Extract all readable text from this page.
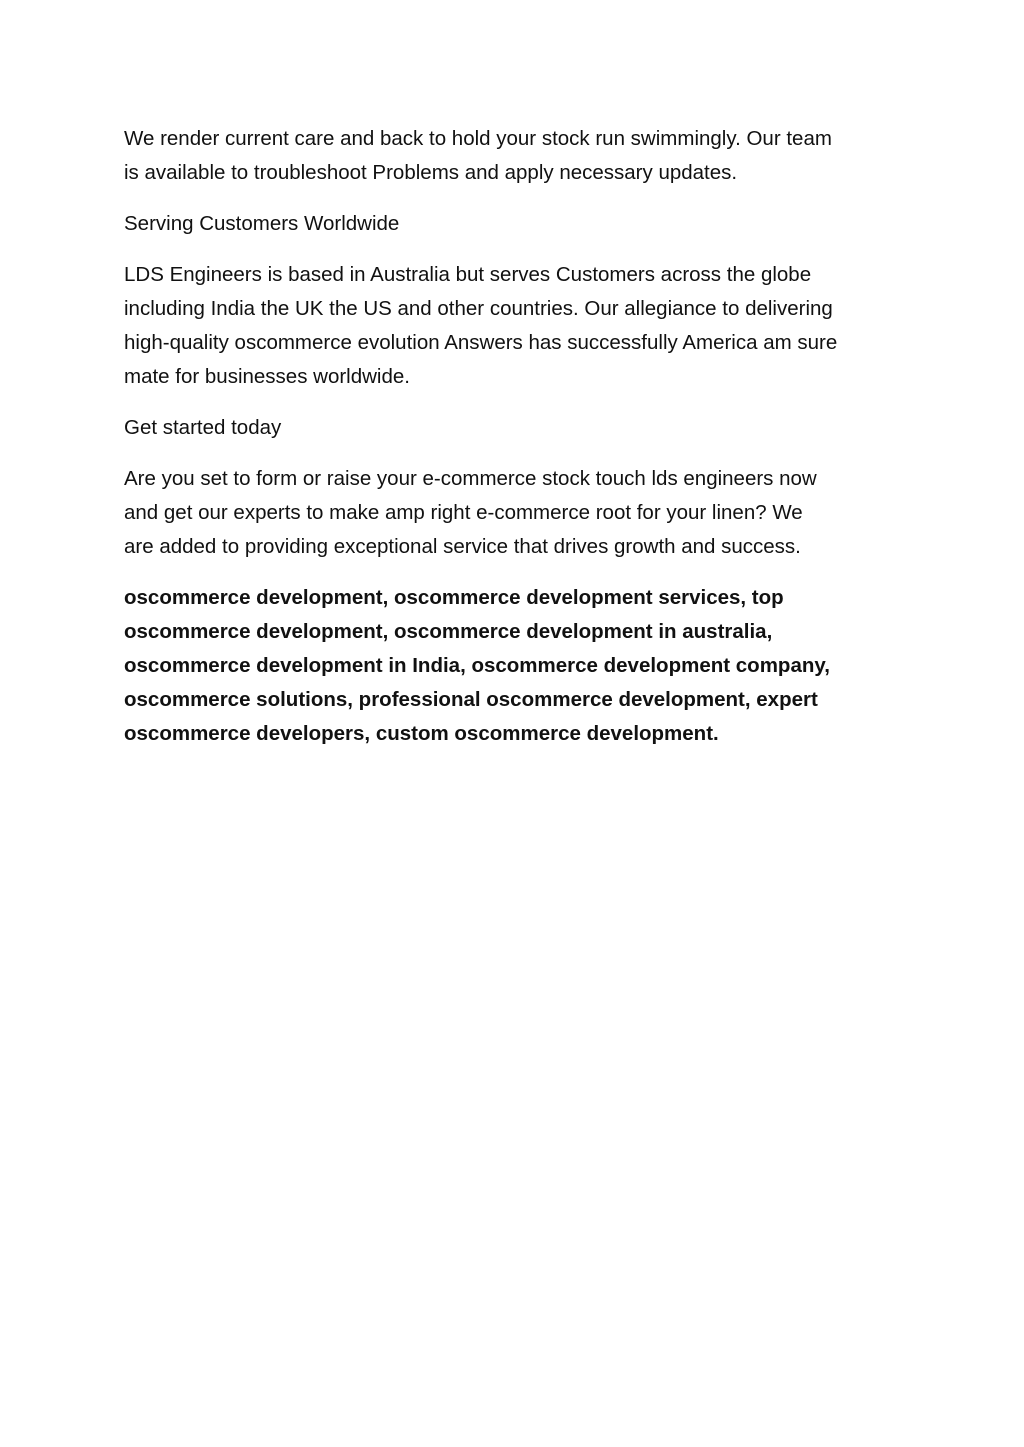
We render current care and back to hold your stock run swimmingly. Our team
is available to troubleshoot Problems and apply necessary updates.

Serving Customers Worldwide

LDS Engineers is based in Australia but serves Customers across the globe
including India the UK the US and other countries. Our allegiance to delivering
high-quality oscommerce evolution Answers has successfully America am sure
mate for businesses worldwide.

Get started today

Are you set to form or raise your e-commerce stock touch lds engineers now
and get our experts to make amp right e-commerce root for your linen? We
are added to providing exceptional service that drives growth and success.

oscommerce development, oscommerce development services, top
oscommerce development, oscommerce development in australia,
oscommerce development in India, oscommerce development company,
oscommerce solutions, professional oscommerce development, expert
oscommerce developers, custom oscommerce development.
